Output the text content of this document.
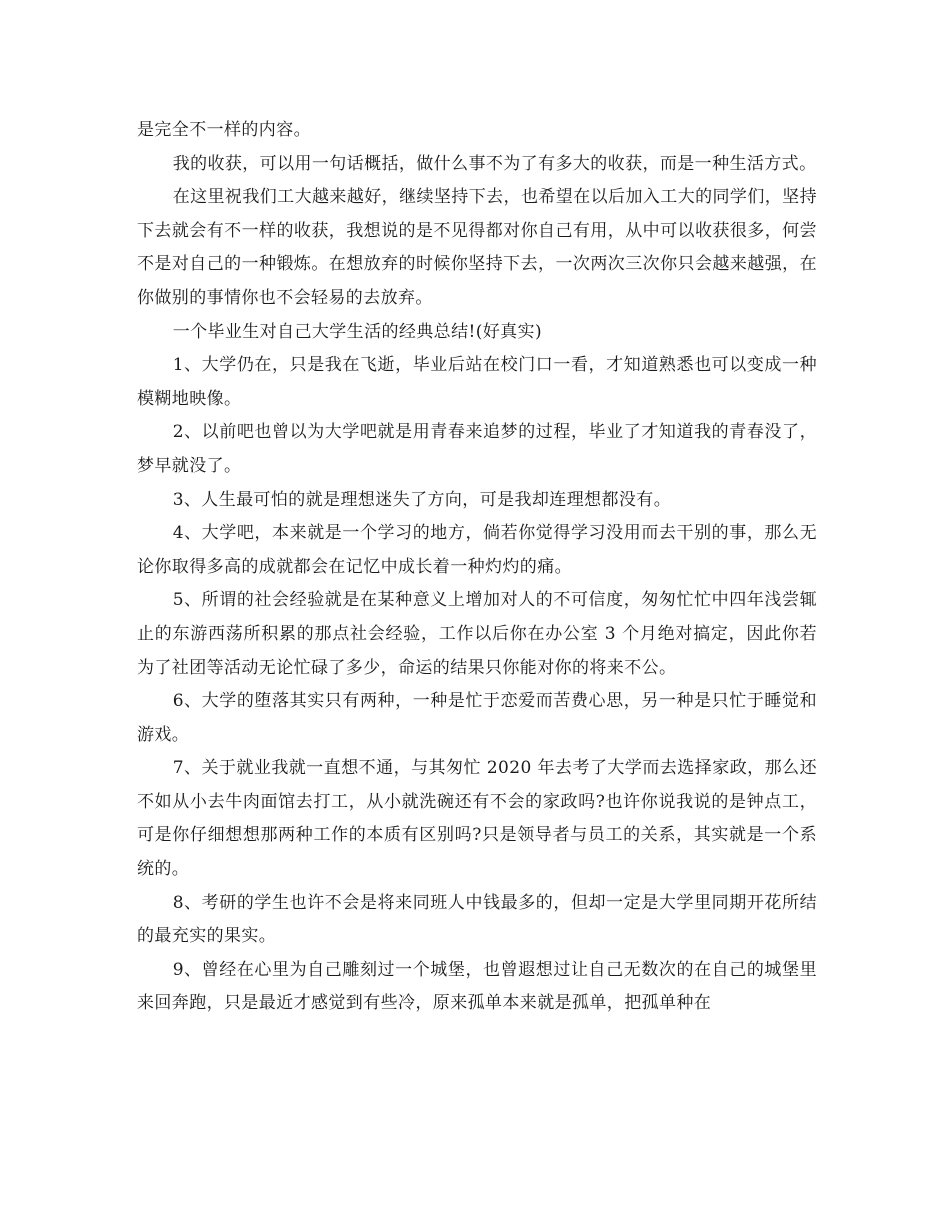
是完全不一样的内容。

我的收获，可以用一句话概括，做什么事不为了有多大的收获，而是一种生活方式。

在这里祝我们工大越来越好，继续坚持下去，也希望在以后加入工大的同学们，坚持下去就会有不一样的收获，我想说的是不见得都对你自己有用，从中可以收获很多，何尝不是对自己的一种锻炼。在想放弃的时候你坚持下去，一次两次三次你只会越来越强，在你做别的事情你也不会轻易的去放弃。

一个毕业生对自己大学生活的经典总结!(好真实)

1、大学仍在，只是我在飞逝，毕业后站在校门口一看，才知道熟悉也可以变成一种模糊地映像。

2、以前吧也曾以为大学吧就是用青春来追梦的过程，毕业了才知道我的青春没了，梦早就没了。

3、人生最可怕的就是理想迷失了方向，可是我却连理想都没有。

4、大学吧，本来就是一个学习的地方，倘若你觉得学习没用而去干别的事，那么无论你取得多高的成就都会在记忆中成长着一种灼灼的痛。

5、所谓的社会经验就是在某种意义上增加对人的不可信度，匆匆忙忙中四年浅尝辄止的东游西荡所积累的那点社会经验，工作以后你在办公室 3 个月绝对搞定，因此你若为了社团等活动无论忙碌了多少，命运的结果只你能对你的将来不公。

6、大学的堕落其实只有两种，一种是忙于恋爱而苦费心思，另一种是只忙于睡觉和游戏。

7、关于就业我就一直想不通，与其匆忙 2020 年去考了大学而去选择家政，那么还不如从小去牛肉面馆去打工，从小就洗碗还有不会的家政吗?也许你说我说的是钟点工，可是你仔细想想那两种工作的本质有区别吗?只是领导者与员工的关系，其实就是一个系统的。

8、考研的学生也许不会是将来同班人中钱最多的，但却一定是大学里同期开花所结的最充实的果实。

9、曾经在心里为自己雕刻过一个城堡，也曾遐想过让自己无数次的在自己的城堡里来回奔跑，只是最近才感觉到有些冷，原来孤单本来就是孤单，把孤单种在
